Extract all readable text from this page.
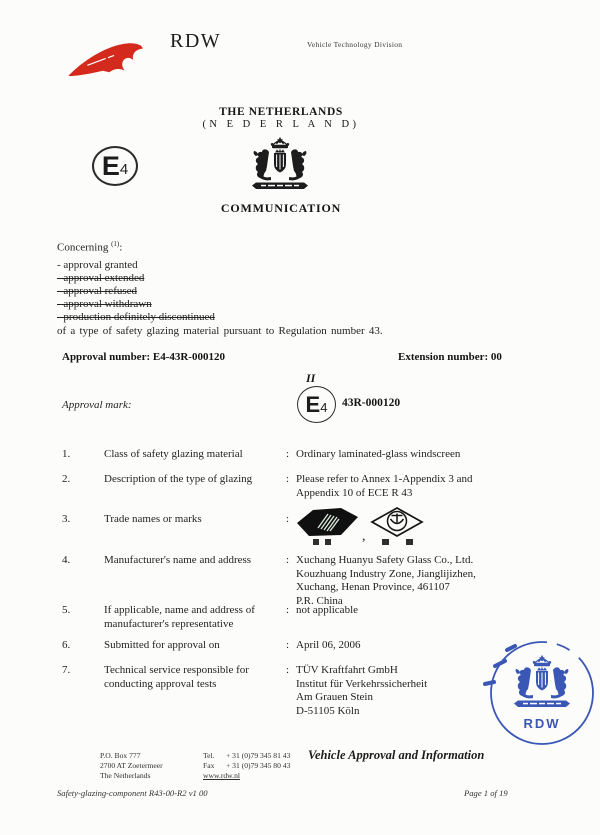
RDW	Vehicle Technology Division
THE NETHERLANDS
(N E D E R L A N D)
COMMUNICATION
E 4
Concerning $^{(1)}$:
- approval granted
- approval extended
- approval refused
- approval withdrawn
- production definitely discontinued
of a type of safety glazing material pursuant to Regulation number 43.
Approval number: E4-43R-000120	Extension number: 00
Approval mark:
II
E 4 43R-000120
1.	Class of safety glazing material	: Ordinary laminated-glass windscreen
2.	Description of the type of glazing	: Please refer to Annex 1-Appendix 3 and
Appendix 10 of ECE R 43
3.	Trade names or marks	:
,
4.	Manufacturer's name and address	: Xuchang Huanyu Safety Glass Co., Ltd.
Kouzhuang Industry Zone, Jianglijizhen,
Xuchang, Henan Province, 461107
P.R. China
5.	If applicable, name and address of manufacturer's representative
: not applicable
6.	Submitted for approval on	: April 06, 2006
7.	Technical service responsible for conducting approval tests
: TÜV Kraftfahrt GmbH
Institut für Verkehrssicherheit
Am Grauen Stein
D-51105 Köln
RDW
P.O. Box 777
2700 AT Zoetermeer
The Netherlands
Tel.	+ 31 (0)79 345 81 43
Fax	+ 31 (0)79 345 80 43
www.rdw.nl
Vehicle Approval and Information
Safety-glazing-component R43-00-R2 v1 00	Page 1 of 19
